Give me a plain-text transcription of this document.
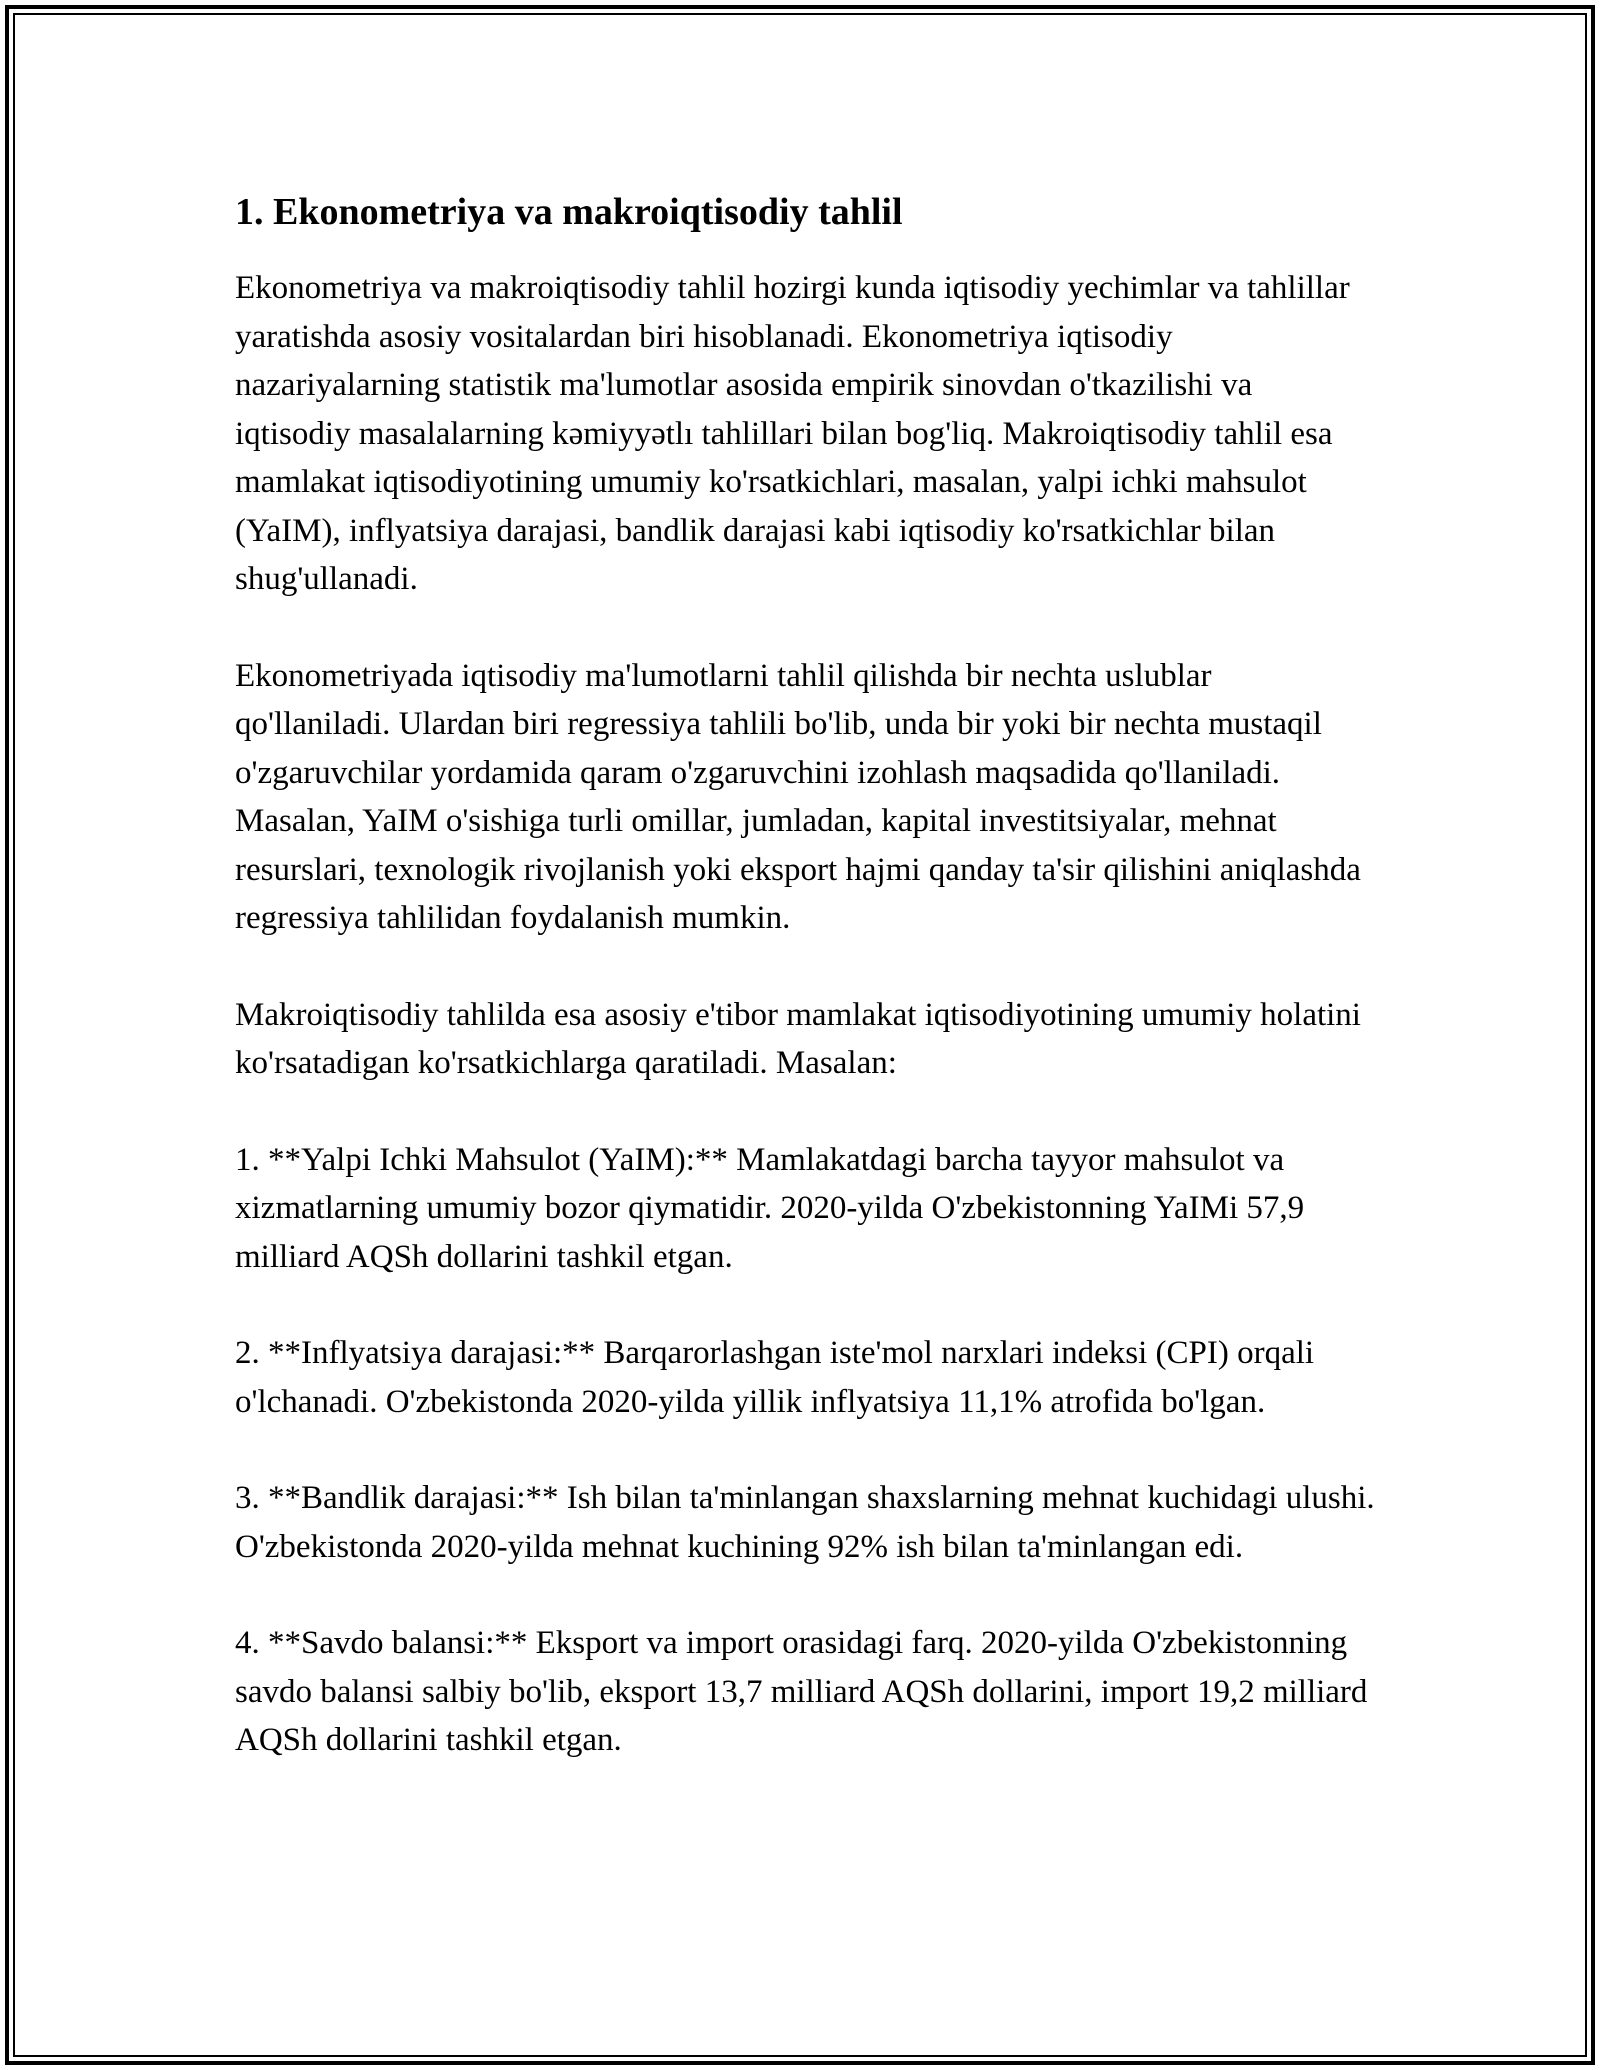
1. Ekonometriya va makroiqtisodiy tahlil

Ekonometriya va makroiqtisodiy tahlil hozirgi kunda iqtisodiy yechimlar va tahlillar yaratishda asosiy vositalardan biri hisoblanadi. Ekonometriya iqtisodiy nazariyalarning statistik ma'lumotlar asosida empirik sinovdan o'tkazilishi va iqtisodiy masalalarning kəmiyyətlı tahlillari bilan bog'liq. Makroiqtisodiy tahlil esa mamlakat iqtisodiyotining umumiy ko'rsatkichlari, masalan, yalpi ichki mahsulot (YaIM), inflyatsiya darajasi, bandlik darajasi kabi iqtisodiy ko'rsatkichlar bilan shug'ullanadi.

Ekonometriyada iqtisodiy ma'lumotlarni tahlil qilishda bir nechta uslublar qo'llaniladi. Ulardan biri regressiya tahlili bo'lib, unda bir yoki bir nechta mustaqil o'zgaruvchilar yordamida qaram o'zgaruvchini izohlash maqsadida qo'llaniladi. Masalan, YaIM o'sishiga turli omillar, jumladan, kapital investitsiyalar, mehnat resurslari, texnologik rivojlanish yoki eksport hajmi qanday ta'sir qilishini aniqlashda regressiya tahlilidan foydalanish mumkin.

Makroiqtisodiy tahlilda esa asosiy e'tibor mamlakat iqtisodiyotining umumiy holatini ko'rsatadigan ko'rsatkichlarga qaratiladi. Masalan:

1. **Yalpi Ichki Mahsulot (YaIM):** Mamlakatdagi barcha tayyor mahsulot va xizmatlarning umumiy bozor qiymatidir. 2020-yilda O'zbekistonning YaIMi 57,9 milliard AQSh dollarini tashkil etgan.

2. **Inflyatsiya darajasi:** Barqarorlashgan iste'mol narxlari indeksi (CPI) orqali o'lchanadi. O'zbekistonda 2020-yilda yillik inflyatsiya 11,1% atrofida bo'lgan.

3. **Bandlik darajasi:** Ish bilan ta'minlangan shaxslarning mehnat kuchidagi ulushi. O'zbekistonda 2020-yilda mehnat kuchining 92% ish bilan ta'minlangan edi.

4. **Savdo balansi:** Eksport va import orasidagi farq. 2020-yilda O'zbekistonning savdo balansi salbiy bo'lib, eksport 13,7 milliard AQSh dollarini, import 19,2 milliard AQSh dollarini tashkil etgan.
